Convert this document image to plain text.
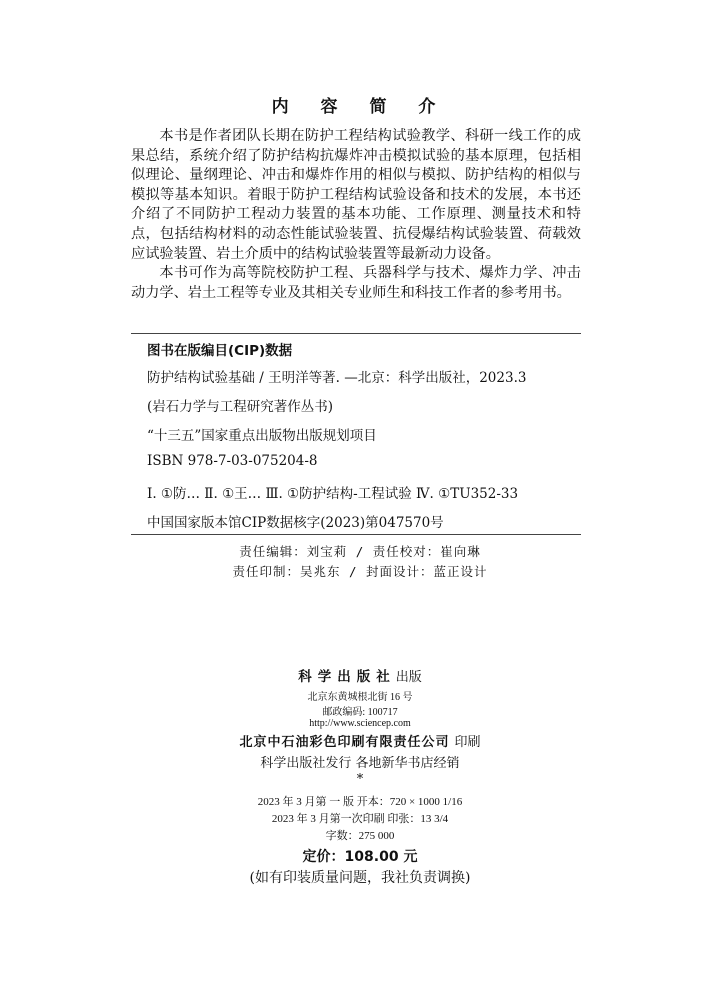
内 容 简 介

本书是作者团队长期在防护工程结构试验教学、科研一线工作的成果总结，系统介绍了防护结构抗爆炸冲击模拟试验的基本原理，包括相似理论、量纲理论、冲击和爆炸作用的相似与模拟、防护结构的相似与模拟等基本知识。着眼于防护工程结构试验设备和技术的发展，本书还介绍了不同防护工程动力装置的基本功能、工作原理、测量技术和特点，包括结构材料的动态性能试验装置、抗侵爆结构试验装置、荷载效应试验装置、岩土介质中的结构试验装置等最新动力设备。

本书可作为高等院校防护工程、兵器科学与技术、爆炸力学、冲击动力学、岩土工程等专业及其相关专业师生和科技工作者的参考用书。

图书在版编目(CIP)数据
防护结构试验基础 / 王明洋等著. —北京：科学出版社，2023.3
(岩石力学与工程研究著作丛书)
“十三五”国家重点出版物出版规划项目
ISBN 978-7-03-075204-8
Ⅰ. ①防… Ⅱ. ①王… Ⅲ. ①防护结构-工程试验 Ⅳ. ①TU352-33
中国国家版本馆CIP数据核字(2023)第047570号
责任编辑：刘宝莉 / 责任校对：崔向琳
责任印制：吴兆东 / 封面设计：蓝正设计
科学出版社出版
北京东黄城根北街 16 号
邮政编码: 100717
http://www.sciencep.com
北京中石油彩色印刷有限责任公司 印刷
科学出版社发行 各地新华书店经销
*
2023 年 3 月第 一 版 开本：720 × 1000 1/16
2023 年 3 月第一次印刷 印张：13 3/4
字数：275 000
定价：108.00 元
(如有印装质量问题，我社负责调换)
